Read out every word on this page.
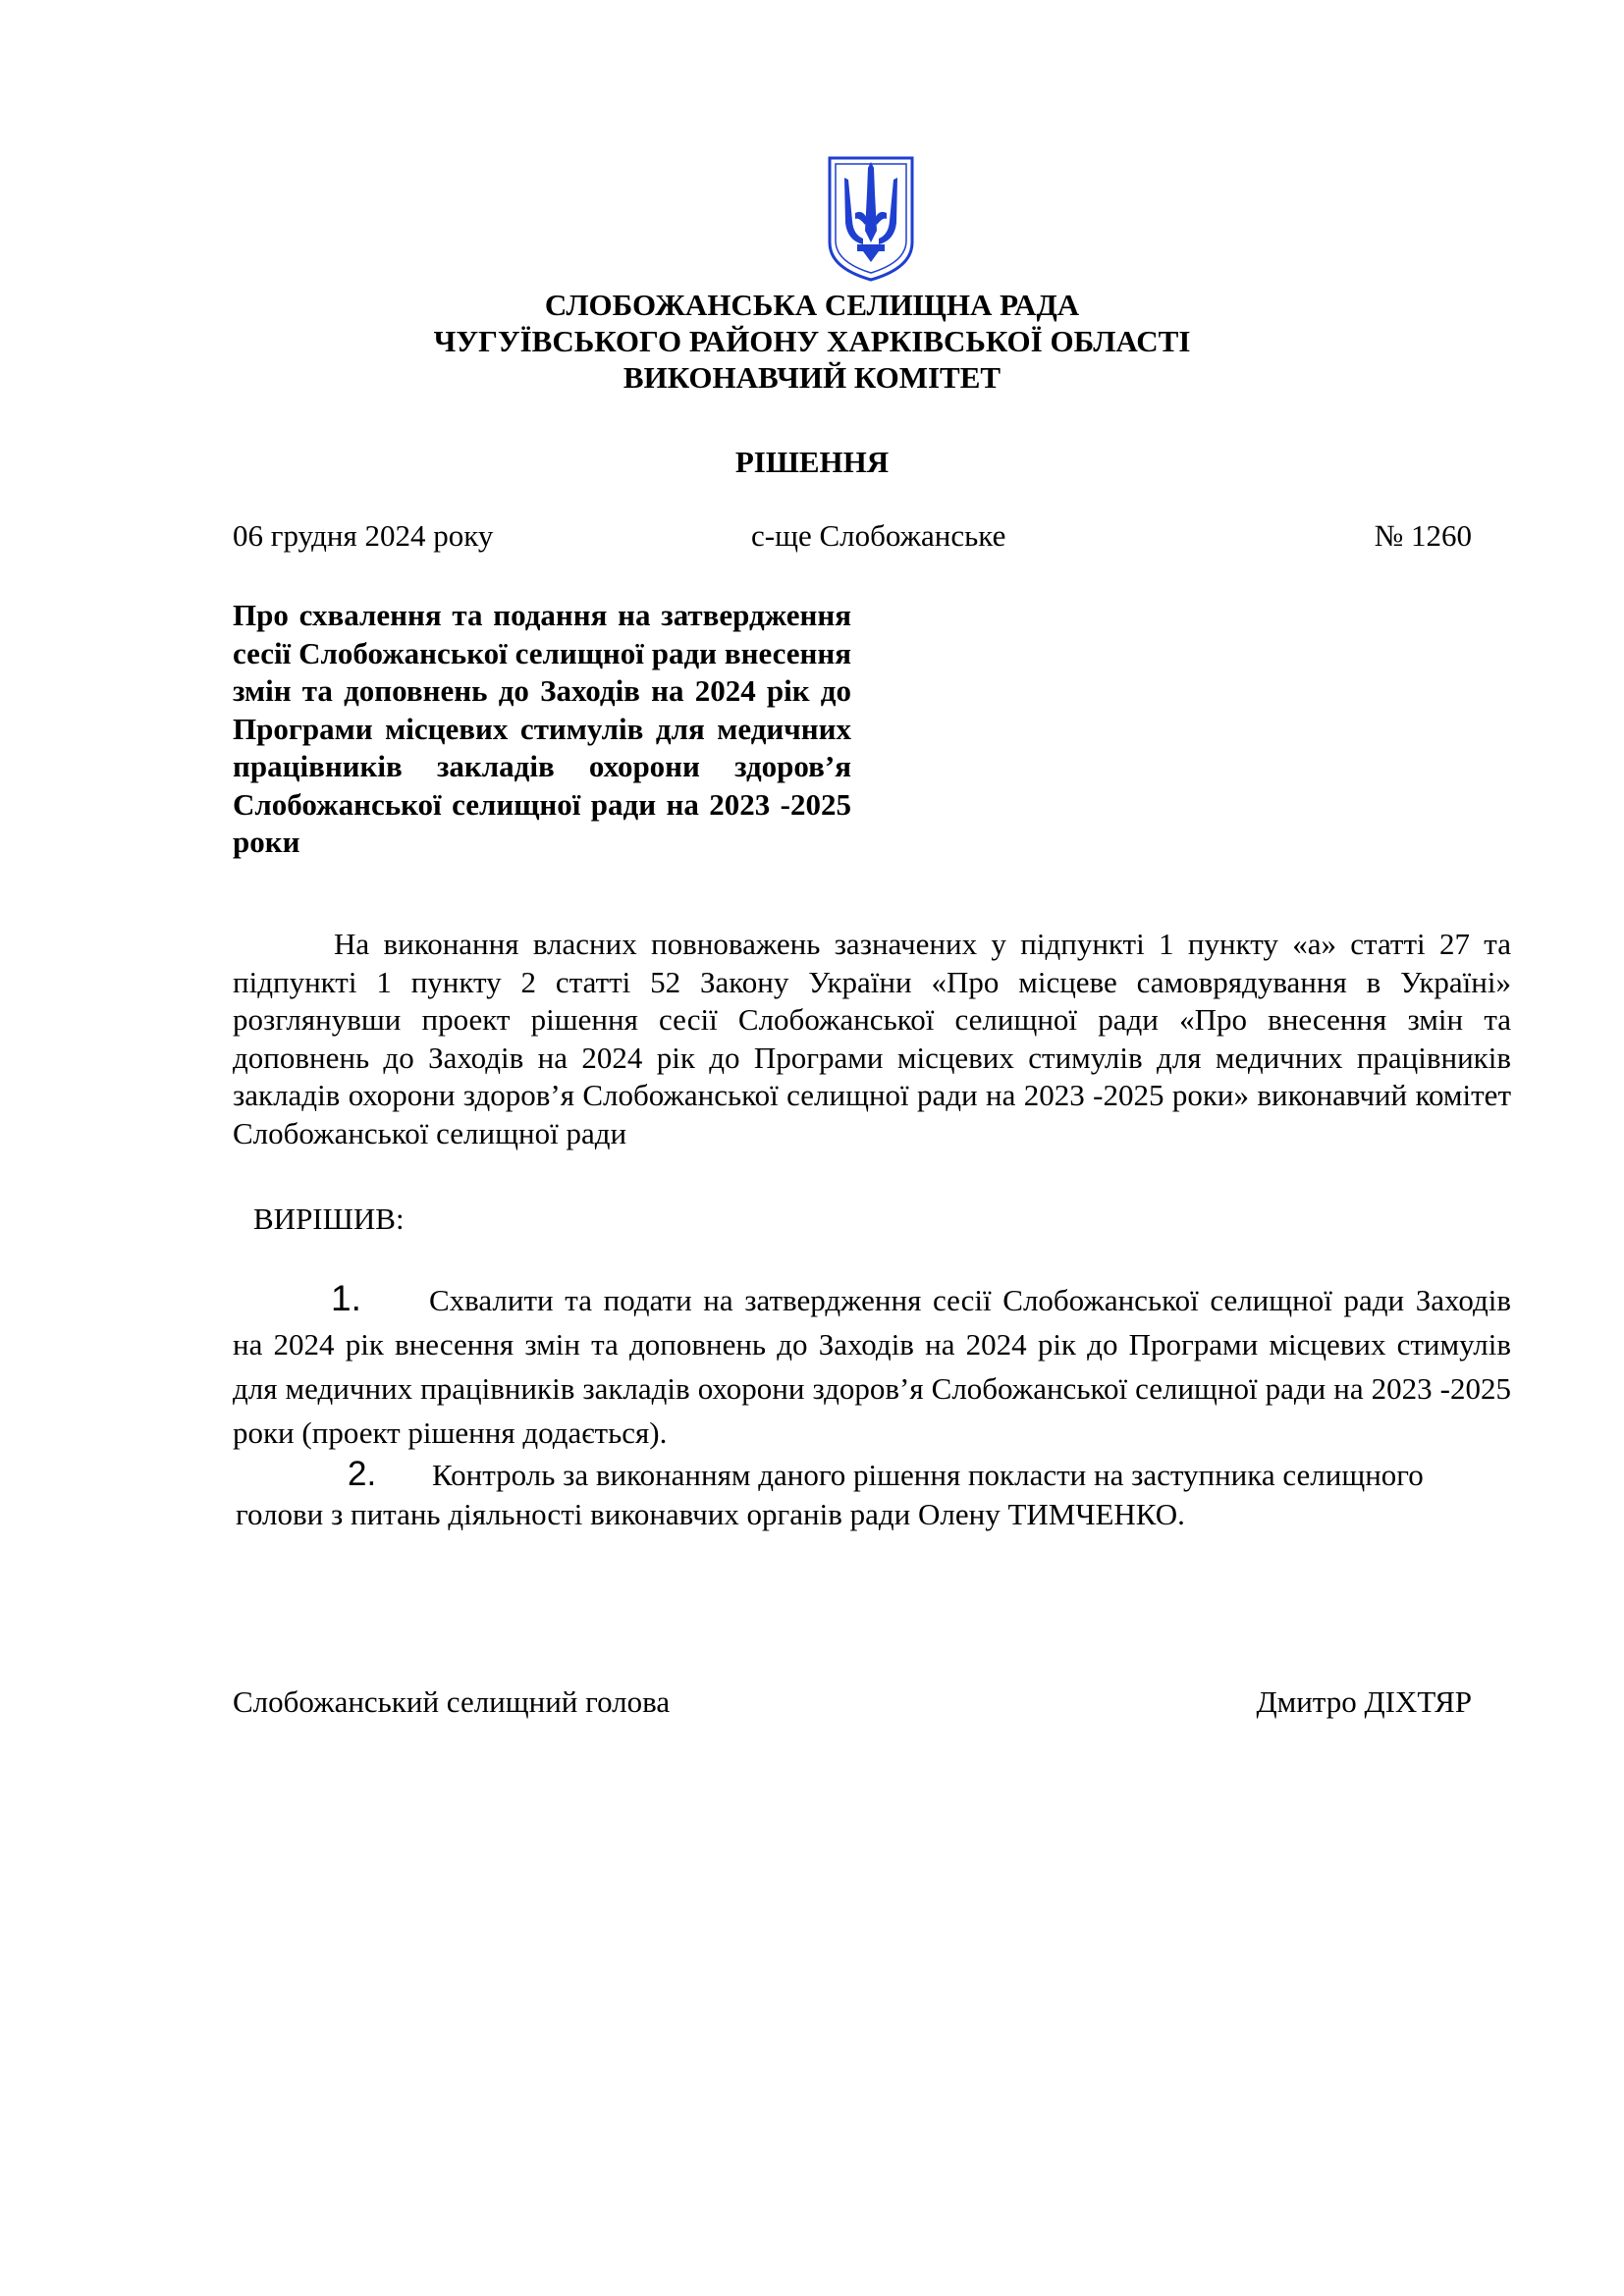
СЛОБОЖАНСЬКА СЕЛИЩНА РАДА
ЧУГУЇВСЬКОГО РАЙОНУ ХАРКІВСЬКОЇ ОБЛАСТІ
ВИКОНАВЧИЙ КОМІТЕТ
РІШЕННЯ
06 грудня 2024 року	с-ще Слобожанське	№ 1260
Про схвалення та подання на затвердження сесії Слобожанської селищної ради внесення змін та доповнень до Заходів на 2024 рік до Програми місцевих стимулів для медичних працівників закладів охорони здоров’я Слобожанської селищної ради на 2023 -2025 роки
На виконання власних повноважень зазначених у підпункті 1 пункту «а» статті 27 та підпункті 1 пункту 2 статті 52 Закону України «Про місцеве самоврядування в Україні» розглянувши проект рішення сесії Слобожанської селищної ради «Про внесення змін та доповнень до Заходів на 2024 рік до Програми місцевих стимулів для медичних працівників закладів охорони здоров’я Слобожанської селищної ради на 2023 -2025 роки» виконавчий комітет Слобожанської селищної ради
ВИРІШИВ:
1. Схвалити та подати на затвердження сесії Слобожанської селищної ради Заходів на 2024 рік внесення змін та доповнень до Заходів на 2024 рік до Програми місцевих стимулів для медичних працівників закладів охорони здоров’я Слобожанської селищної ради на 2023 -2025 роки (проект рішення додається).
2. Контроль за виконанням даного рішення покласти на заступника селищного голови з питань діяльності виконавчих органів ради Олену ТИМЧЕНКО.
Слобожанський селищний голова	Дмитро ДІХТЯР
